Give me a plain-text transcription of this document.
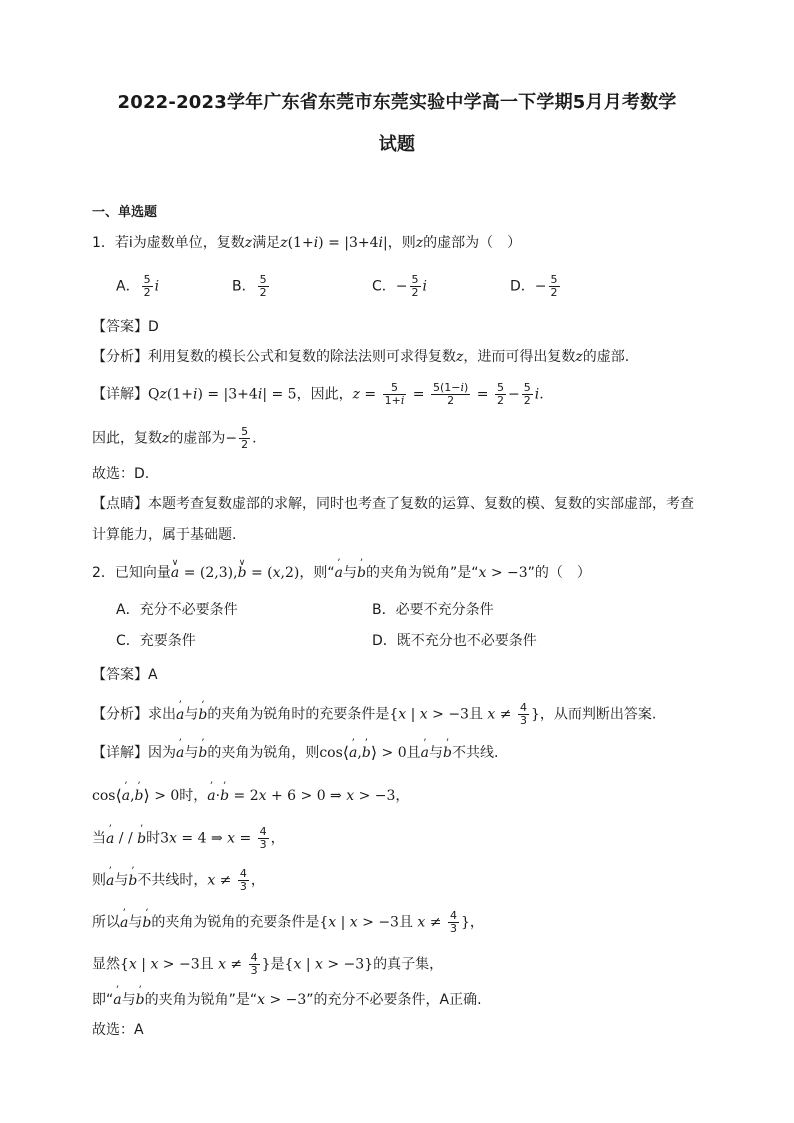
2022-2023学年广东省东莞市东莞实验中学高一下学期5月月考数学
试题
一、单选题
1．若i为虚数单位，复数z满足z(1+i) = |3+4i|，则z的虚部为（　）
A． $\frac{5}{2}$ i	B． $\frac{5}{2}$	C．− $\frac{5}{2}$ i	D．− $\frac{5}{2}$
【答案】D
【分析】利用复数的模长公式和复数的除法法则可求得复数z，进而可得出复数z的虚部.
【详解】Qz(1+i) = |3+4i| = 5，因此，$z = \frac{5}{1+i} = \frac{5(1-i)}{2} = \frac{5}{2} - \frac{5}{2} i$.
因此，复数z的虚部为− $\frac{5}{2}$ .
故选：D.
【点睛】本题考查复数虚部的求解，同时也考查了复数的运算、复数的模、复数的实部虚部，考查
计算能力，属于基础题.
2．已知向量∨ a = (2,3),∨ b = (x,2)，则“’ a与’ b的夹角为锐角”是“x > −3”的（　）
A．充分不必要条件	B．必要不充分条件
C．充要条件	D．既不充分也不必要条件
【答案】A
【分析】求出’ a与’ b的夹角为锐角时的充要条件是{x | x > −3且 $x \ne \frac{4}{3}$ }，从而判断出答案.
【详解】因为’ a与’ b的夹角为锐角，则cos⟨’ a,’ b⟩ > 0且’ a与’ b不共线.
cos⟨’ a,’ b⟩ > 0时，’ a·’ b = 2x + 6 > 0 ⇒ x > −3，
当’ a / / ’ b时3x = 4 ⇒ $x = \frac{4}{3}$ ，
则’ a与’ b不共线时，$x \ne \frac{4}{3}$ ，
所以’ a与’ b的夹角为锐角的充要条件是{x | x > −3且 $x \ne \frac{4}{3}$ }，
显然{x | x > −3且 $x \ne \frac{4}{3}$ }是{x | x > −3}的真子集，
即“’ a与’ b的夹角为锐角”是“x > −3”的充分不必要条件，A正确.
故选：A
